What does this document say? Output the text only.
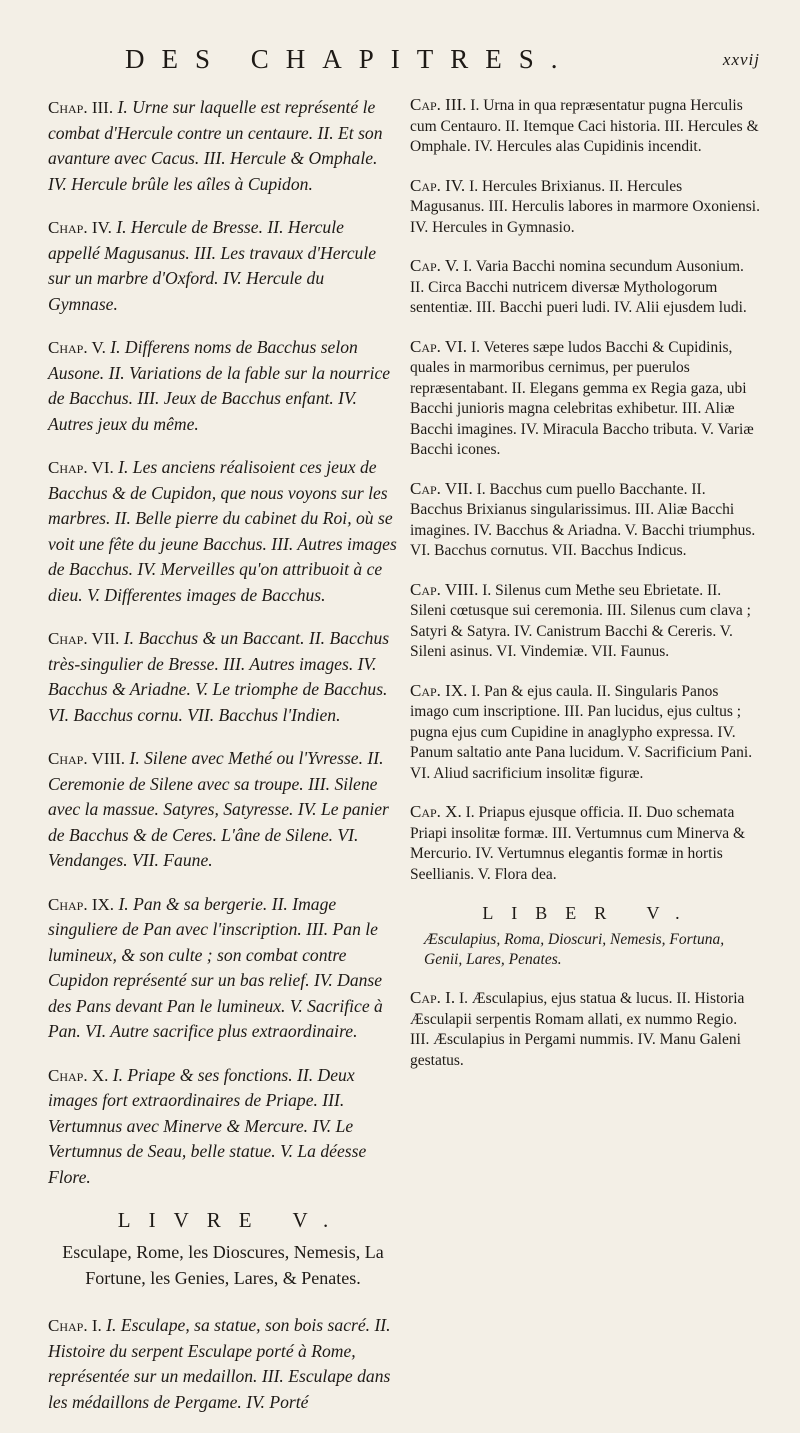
DES CHAPITRES.	xxvij
Chap. III. I. Urne sur laquelle est représenté le combat d'Hercule contre un centaure. II. Et son avanture avec Cacus. III. Hercule & Omphale. IV. Hercule brûle les aîles à Cupidon.
Chap. IV. I. Hercule de Bresse. II. Hercule appellé Magusanus. III. Les travaux d'Hercule sur un marbre d'Oxford. IV. Hercule du Gymnase.
Chap. V. I. Differens noms de Bacchus selon Ausone. II. Variations de la fable sur la nourrice de Bacchus. III. Jeux de Bacchus enfant. IV. Autres jeux du même.
Chap. VI. I. Les anciens réalisoient ces jeux de Bacchus & de Cupidon, que nous voyons sur les marbres. II. Belle pierre du cabinet du Roi, où se voit une fête du jeune Bacchus. III. Autres images de Bacchus. IV. Merveilles qu'on attribuoit à ce dieu. V. Differentes images de Bacchus.
Chap. VII. I. Bacchus & un Baccant. II. Bacchus très-singulier de Bresse. III. Autres images. IV. Bacchus & Ariadne. V. Le triomphe de Bacchus. VI. Bacchus cornu. VII. Bacchus l'Indien.
Chap. VIII. I. Silene avec Methé ou l'Yvresse. II. Ceremonie de Silene avec sa troupe. III. Silene avec la massue. Satyres, Satyresse. IV. Le panier de Bacchus & de Ceres. L'âne de Silene. VI. Vendanges. VII. Faune.
Chap. IX. I. Pan & sa bergerie. II. Image singuliere de Pan avec l'inscription. III. Pan le lumineux, & son culte ; son combat contre Cupidon représenté sur un bas relief. IV. Danse des Pans devant Pan le lumineux. V. Sacrifice à Pan. VI. Autre sacrifice plus extraordinaire.
Chap. X. I. Priape & ses fonctions. II. Deux images fort extraordinaires de Priape. III. Vertumnus avec Minerve & Mercure. IV. Le Vertumnus de Seau, belle statue. V. La déesse Flore.
LIVRE V.
Esculape, Rome, les Dioscures, Nemesis, La Fortune, les Genies, Lares, & Penates.
Chap. I. I. Esculape, sa statue, son bois sacré. II. Histoire du serpent Esculape porté à Rome, représentée sur un medaillon. III. Esculape dans les médaillons de Pergame. IV. Porté
Cap. III. I. Urna in qua repræsentatur pugna Herculis cum Centauro. II. Itemque Caci historia. III. Hercules & Omphale. IV. Hercules alas Cupidinis incendit.
Cap. IV. I. Hercules Brixianus. II. Hercules Magusanus. III. Herculis labores in marmore Oxoniensi. IV. Hercules in Gymnasio.
Cap. V. I. Varia Bacchi nomina secundum Ausonium. II. Circa Bacchi nutricem diversæ Mythologorum sententiæ. III. Bacchi pueri ludi. IV. Alii ejusdem ludi.
Cap. VI. I. Veteres sæpe ludos Bacchi & Cupidinis, quales in marmoribus cernimus, per puerulos repræsentabant. II. Elegans gemma ex Regia gaza, ubi Bacchi junioris magna celebritas exhibetur. III. Aliæ Bacchi imagines. IV. Miracula Baccho tributa. V. Variæ Bacchi icones.
Cap. VII. I. Bacchus cum puello Bacchante. II. Bacchus Brixianus singularissimus. III. Aliæ Bacchi imagines. IV. Bacchus & Ariadna. V. Bacchi triumphus. VI. Bacchus cornutus. VII. Bacchus Indicus.
Cap. VIII. I. Silenus cum Methe seu Ebrietate. II. Sileni cœtusque sui ceremonia. III. Silenus cum clava ; Satyri & Satyra. IV. Canistrum Bacchi & Cereris. V. Sileni asinus. VI. Vindemiæ. VII. Faunus.
Cap. IX. I. Pan & ejus caula. II. Singularis Panos imago cum inscriptione. III. Pan lucidus, ejus cultus ; pugna ejus cum Cupidine in anaglypho expressa. IV. Panum saltatio ante Pana lucidum. V. Sacrificium Pani. VI. Aliud sacrificium insolitæ figuræ.
Cap. X. I. Priapus ejusque officia. II. Duo schemata Priapi insolitæ formæ. III. Vertumnus cum Minerva & Mercurio. IV. Vertumnus elegantis formæ in hortis Seellianis. V. Flora dea.
LIBER V.
Æsculapius, Roma, Dioscuri, Nemesis, Fortuna, Genii, Lares, Penates.
Cap. I. I. Æsculapius, ejus statua & lucus. II. Historia Æsculapii serpentis Romam allati, ex nummo Regio. III. Æsculapius in Pergami nummis. IV. Manu Galeni gestatus.
